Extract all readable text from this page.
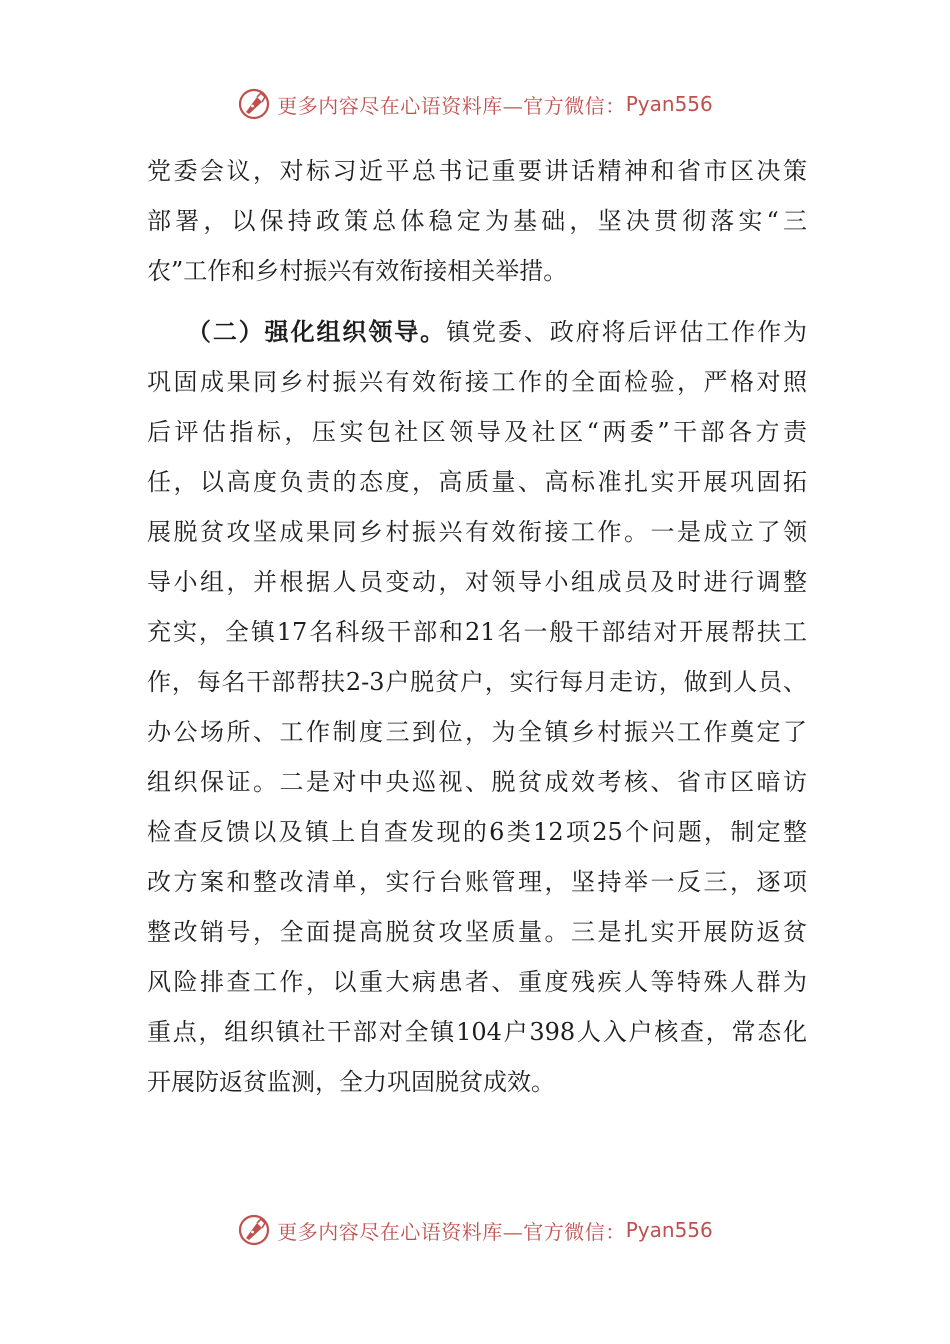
更多内容尽在心语资料库—官方微信： Pyan556

党委会议，对标习近平总书记重要讲话精神和省市区决策
部署，以保持政策总体稳定为基础，坚决贯彻落实“三
农”工作和乡村振兴有效衔接相关举措。

（二）强化组织领导。镇党委、政府将后评估工作作为
巩固成果同乡村振兴有效衔接工作的全面检验，严格对照
后评估指标，压实包社区领导及社区“两委”干部各方责
任，以高度负责的态度，高质量、高标准扎实开展巩固拓
展脱贫攻坚成果同乡村振兴有效衔接工作。一是成立了领
导小组，并根据人员变动，对领导小组成员及时进行调整
充实，全镇17名科级干部和21名一般干部结对开展帮扶工
作，每名干部帮扶2-3户脱贫户，实行每月走访，做到人员、
办公场所、工作制度三到位，为全镇乡村振兴工作奠定了
组织保证。二是对中央巡视、脱贫成效考核、省市区暗访
检查反馈以及镇上自查发现的6类12项25个问题，制定整
改方案和整改清单，实行台账管理，坚持举一反三，逐项
整改销号，全面提高脱贫攻坚质量。三是扎实开展防返贫
风险排查工作，以重大病患者、重度残疾人等特殊人群为
重点，组织镇社干部对全镇104户398人入户核查，常态化
开展防返贫监测，全力巩固脱贫成效。

更多内容尽在心语资料库—官方微信： Pyan556
